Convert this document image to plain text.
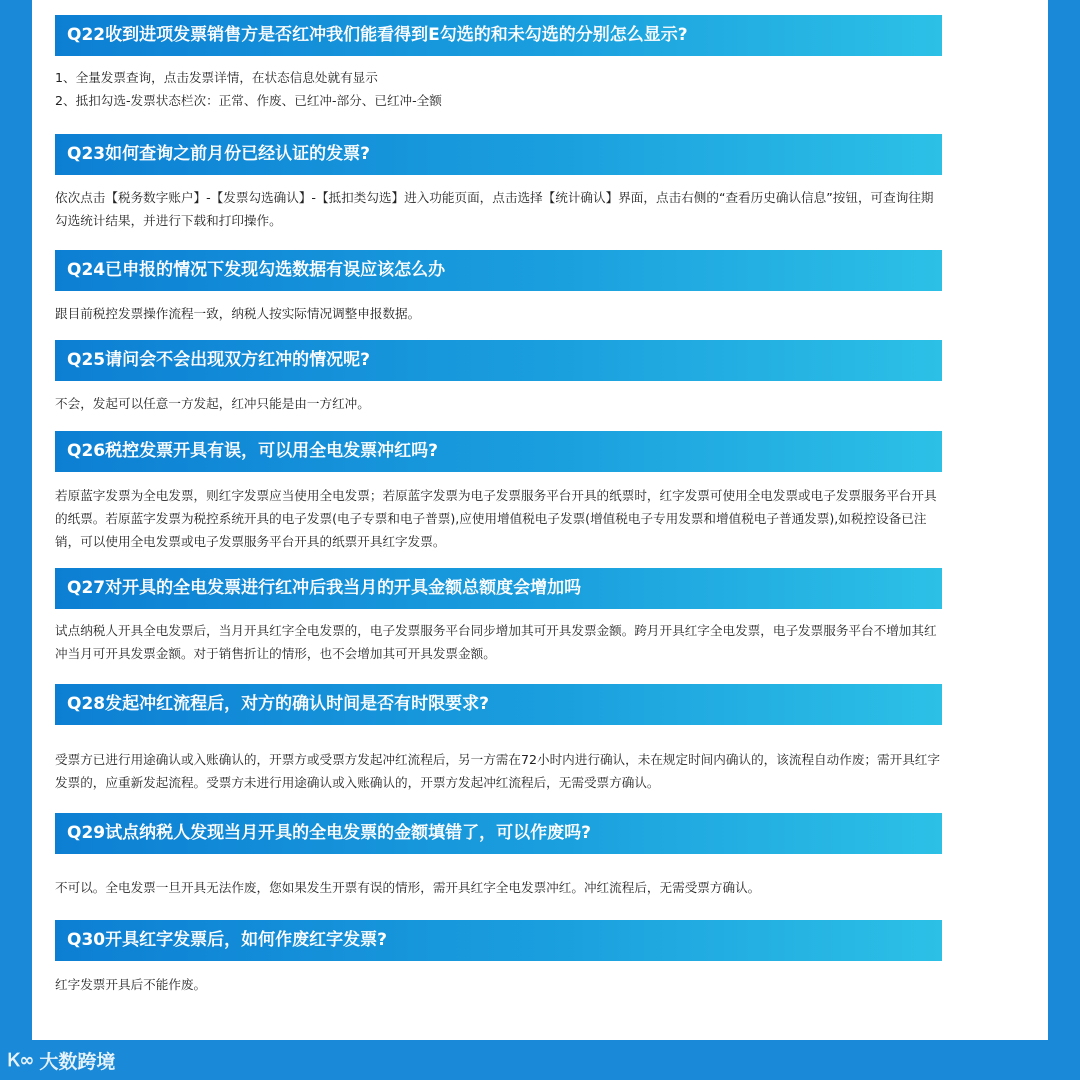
Q22收到进项发票销售方是否红冲我们能看得到E勾选的和未勾选的分别怎么显示?
1、全量发票查询，点击发票详情，在状态信息处就有显示
2、抵扣勾选-发票状态栏次：正常、作废、已红冲-部分、已红冲-全额
Q23如何查询之前月份已经认证的发票?
依次点击【税务数字账户】-【发票勾选确认】-【抵扣类勾选】进入功能页面，点击选择【统计确认】界面，点击右侧的“查看历史确认信息”按钮，可查询往期勾选统计结果，并进行下载和打印操作。
Q24已申报的情况下发现勾选数据有误应该怎么办
跟目前税控发票操作流程一致，纳税人按实际情况调整申报数据。
Q25请问会不会出现双方红冲的情况呢?
不会，发起可以任意一方发起，红冲只能是由一方红冲。
Q26税控发票开具有误，可以用全电发票冲红吗?
若原蓝字发票为全电发票，则红字发票应当使用全电发票；若原蓝字发票为电子发票服务平台开具的纸票时，红字发票可使用全电发票或电子发票服务平台开具的纸票。若原蓝字发票为税控系统开具的电子发票(电子专票和电子普票),应使用增值税电子发票(增值税电子专用发票和增值税电子普通发票),如税控设备已注销，可以使用全电发票或电子发票服务平台开具的纸票开具红字发票。
Q27对开具的全电发票进行红冲后我当月的开具金额总额度会增加吗
试点纳税人开具全电发票后，当月开具红字全电发票的，电子发票服务平台同步增加其可开具发票金额。跨月开具红字全电发票，电子发票服务平台不增加其红冲当月可开具发票金额。对于销售折让的情形，也不会增加其可开具发票金额。
Q28发起冲红流程后，对方的确认时间是否有时限要求?
受票方已进行用途确认或入账确认的，开票方或受票方发起冲红流程后，另一方需在72小时内进行确认，未在规定时间内确认的，该流程自动作废；需开具红字发票的，应重新发起流程。受票方未进行用途确认或入账确认的，开票方发起冲红流程后，无需受票方确认。
Q29试点纳税人发现当月开具的全电发票的金额填错了，可以作废吗?
不可以。全电发票一旦开具无法作废，您如果发生开票有误的情形，需开具红字全电发票冲红。冲红流程后，无需受票方确认。
Q30开具红字发票后，如何作废红字发票?
红字发票开具后不能作废。
Ꮶ∞ 大数跨境
